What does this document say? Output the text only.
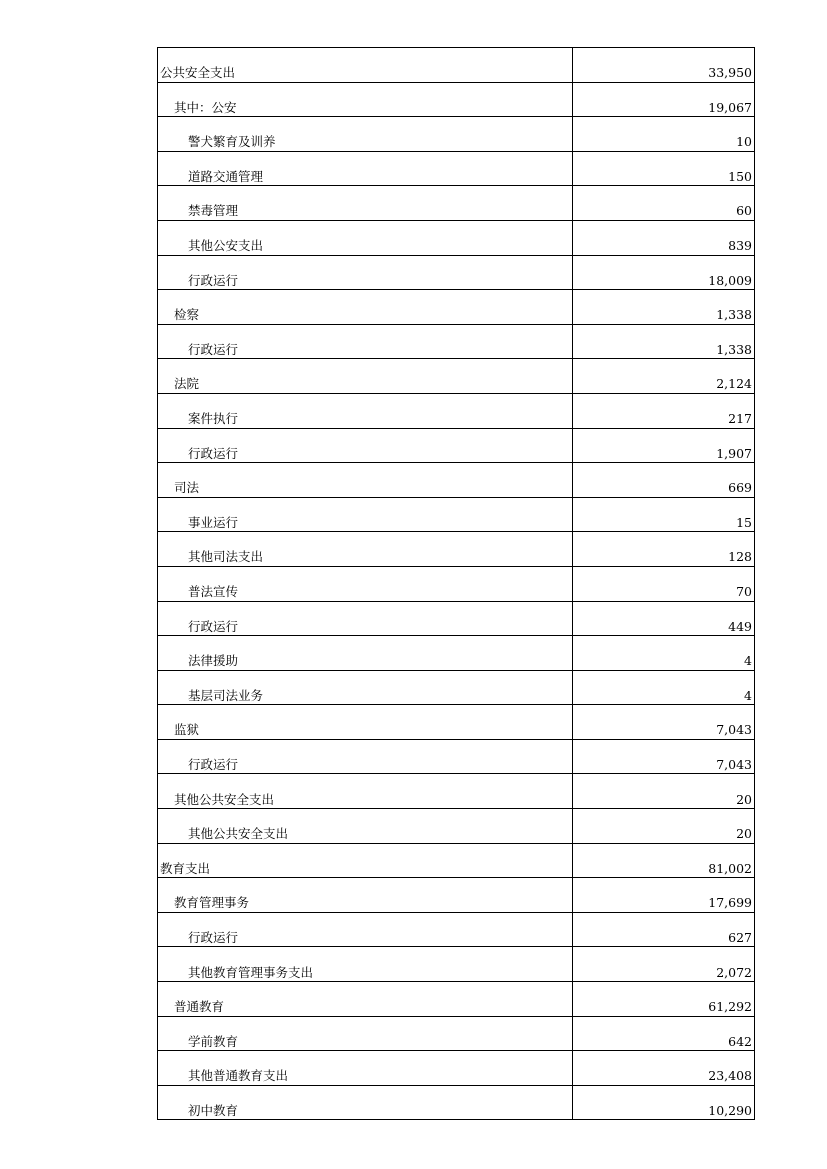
公共安全支出	33,950
其中：公安	19,067
警犬繁育及训养	10
道路交通管理	150
禁毒管理	60
其他公安支出	839
行政运行	18,009
检察	1,338
行政运行	1,338
法院	2,124
案件执行	217
行政运行	1,907
司法	669
事业运行	15
其他司法支出	128
普法宣传	70
行政运行	449
法律援助	4
基层司法业务	4
监狱	7,043
行政运行	7,043
其他公共安全支出	20
其他公共安全支出	20
教育支出	81,002
教育管理事务	17,699
行政运行	627
其他教育管理事务支出	2,072
普通教育	61,292
学前教育	642
其他普通教育支出	23,408
初中教育	10,290
